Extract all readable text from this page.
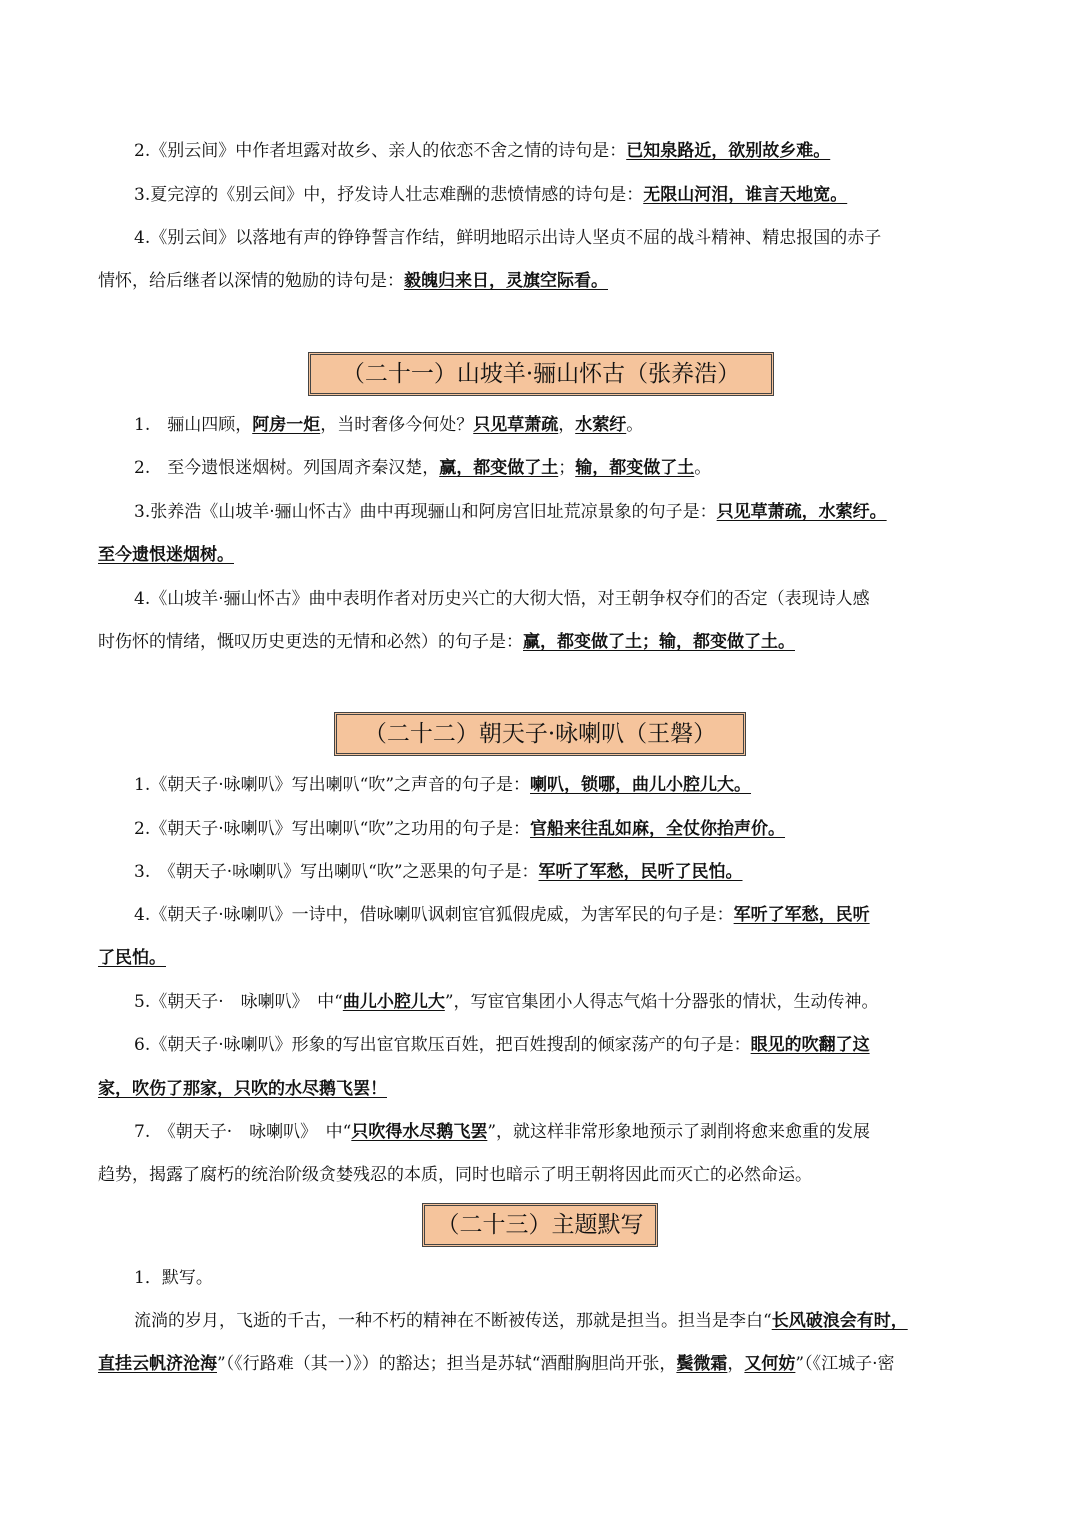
2.《别云间》中作者坦露对故乡、亲人的依恋不舍之情的诗句是：已知泉路近，欲别故乡难。
3.夏完淳的《别云间》中，抒发诗人壮志难酬的悲愤情感的诗句是：无限山河泪，谁言天地宽。
4.《别云间》以落地有声的铮铮誓言作结，鲜明地昭示出诗人坚贞不屈的战斗精神、精忠报国的赤子
情怀，给后继者以深情的勉励的诗句是：毅魄归来日，灵旗空际看。
（二十一）山坡羊·骊山怀古（张养浩）
1.　骊山四顾，阿房一炬，当时奢侈今何处？只见草萧疏，水萦纡。
2.　至今遗恨迷烟树。列国周齐秦汉楚，赢，都变做了土；输，都变做了土。
3.张养浩《山坡羊·骊山怀古》曲中再现骊山和阿房宫旧址荒凉景象的句子是：只见草萧疏，水萦纡。
至今遗恨迷烟树。
4.《山坡羊·骊山怀古》曲中表明作者对历史兴亡的大彻大悟，对王朝争权夺们的否定（表现诗人感
时伤怀的情绪，慨叹历史更迭的无情和必然）的句子是：赢，都变做了土；输，都变做了土。
（二十二）朝天子·咏喇叭（王磐）
1.《朝天子·咏喇叭》写出喇叭“吹”之声音的句子是：喇叭，锁哪，曲儿小腔儿大。
2.《朝天子·咏喇叭》写出喇叭“吹”之功用的句子是：官船来往乱如麻，全仗你抬声价。
3.　《朝天子·咏喇叭》写出喇叭“吹”之恶果的句子是：军听了军愁，民听了民怕。
4.《朝天子·咏喇叭》一诗中，借咏喇叭讽刺宦官狐假虎威，为害军民的句子是：军听了军愁，民听
了民怕。
5.《朝天子·　咏喇叭》　中“曲儿小腔儿大”，写宦官集团小人得志气焰十分器张的情状，生动传神。
6.《朝天子·咏喇叭》形象的写出宦官欺压百姓，把百姓搜刮的倾家荡产的句子是：眼见的吹翻了这
家，吹伤了那家，只吹的水尽鹅飞罢！
7.　《朝天子·　咏喇叭》　中“只吹得水尽鹅飞罢”，就这样非常形象地预示了剥削将愈来愈重的发展
趋势，揭露了腐朽的统治阶级贪婪残忍的本质，同时也暗示了明王朝将因此而灭亡的必然命运。
（二十三）主题默写
1．默写。
流淌的岁月，飞逝的千古，一种不朽的精神在不断被传送，那就是担当。担当是李白“长风破浪会有时，
直挂云帆济沧海”（《行路难（其一）》）的豁达；担当是苏轼“酒酣胸胆尚开张，鬓微霜，又何妨”（《江城子·密
